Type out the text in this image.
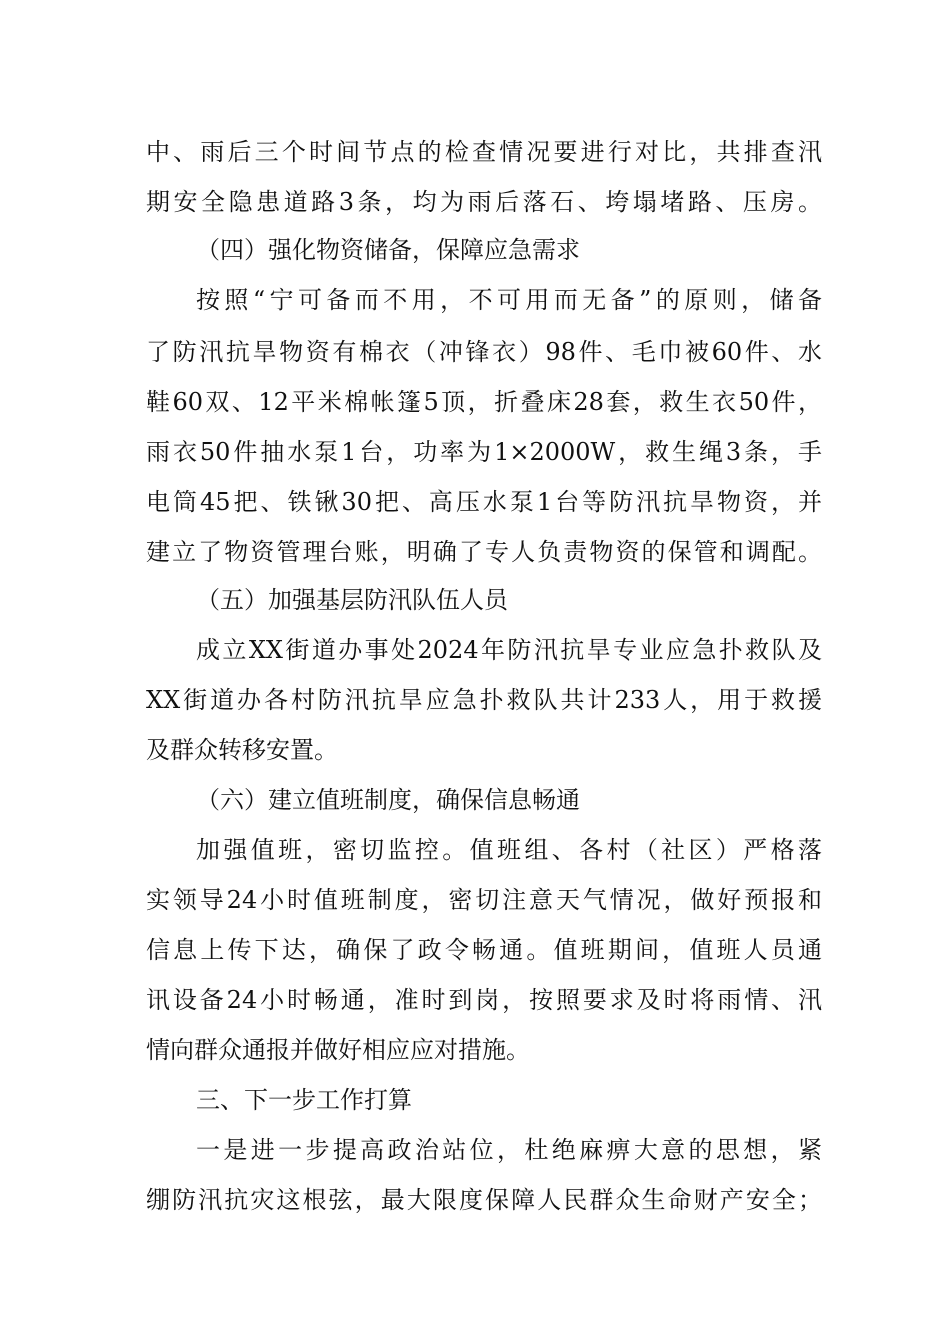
中、雨后三个时间节点的检查情况要进行对比，共排查汛
期安全隐患道路3条，均为雨后落石、垮塌堵路、压房。
（四）强化物资储备，保障应急需求
按照“宁可备而不用，不可用而无备”的原则，储备
了防汛抗旱物资有棉衣（冲锋衣）98件、毛巾被60件、水
鞋60双、12平米棉帐篷5顶，折叠床28套，救生衣50件，
雨衣50件抽水泵1台，功率为1×2000W，救生绳3条，手
电筒45把、铁锹30把、高压水泵1台等防汛抗旱物资，并
建立了物资管理台账，明确了专人负责物资的保管和调配。
（五）加强基层防汛队伍人员
成立XX街道办事处2024年防汛抗旱专业应急扑救队及
XX街道办各村防汛抗旱应急扑救队共计233人，用于救援
及群众转移安置。
（六）建立值班制度，确保信息畅通
加强值班，密切监控。值班组、各村（社区）严格落
实领导24小时值班制度，密切注意天气情况，做好预报和
信息上传下达，确保了政令畅通。值班期间，值班人员通
讯设备24小时畅通，准时到岗，按照要求及时将雨情、汛
情向群众通报并做好相应应对措施。
三、下一步工作打算
一是进一步提高政治站位，杜绝麻痹大意的思想，紧
绷防汛抗灾这根弦，最大限度保障人民群众生命财产安全；
